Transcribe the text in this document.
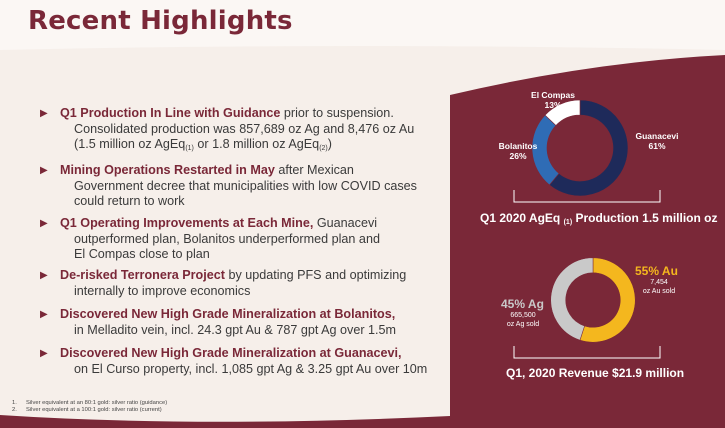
Recent Highlights
▶ Q1 Production In Line with Guidance prior to suspension.
Consolidated production was 857,689 oz Ag and 8,476 oz Au
(1.5 million oz AgEq$_{(1)}$ or 1.8 million oz AgEq$_{(2)}$)
▶ Mining Operations Restarted in May after Mexican
Government decree that municipalities with low COVID cases
could return to work
▶ Q1 Operating Improvements at Each Mine, Guanacevi
outperformed plan, Bolanitos underperformed plan and
El Compas close to plan
▶ De-risked Terronera Project by updating PFS and optimizing
internally to improve economics
▶ Discovered New High Grade Mineralization at Bolanitos,
in Melladito vein, incl. 24.3 gpt Au & 787 gpt Ag over 1.5m
▶ Discovered New High Grade Mineralization at Guanacevi,
on El Curso property, incl. 1,085 gpt Ag & 3.25 gpt Au over 10m
1. Silver equivalent at an 80:1 gold: silver ratio (guidance)
2. Silver equivalent at a 100:1 gold: silver ratio (current)
El Compas
13%
Guanacevi
61%
Bolanitos
26%
Q1 2020 AgEq $_{(1)}$ Production 1.5 million oz
55% Au
7,454
oz Au sold
45% Ag
665,500
oz Ag sold
Q1, 2020 Revenue $21.9 million
